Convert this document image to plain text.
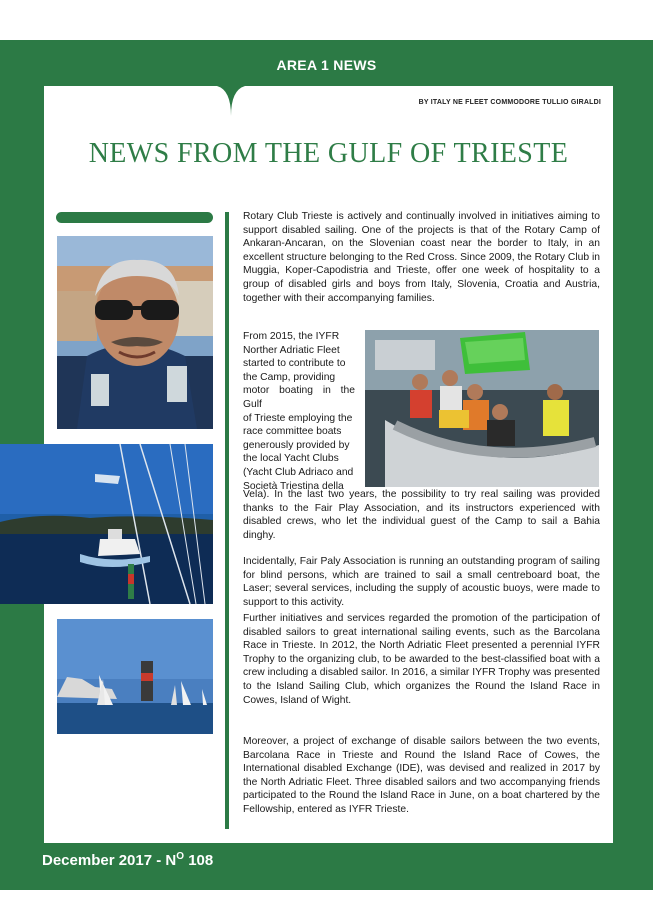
AREA 1 NEWS
BY ITALY NE FLEET COMMODORE TULLIO GIRALDI
NEWS FROM THE GULF OF TRIESTE

Rotary Club Trieste is actively and continually involved in initiatives aiming to support disabled sailing. One of the projects is that of the Rotary Camp of Ankaran-Ancaran, on the Slovenian coast near the border to Italy, in an excellent structure belonging to the Red Cross. Since 2009, the Rotary Club in Muggia, Koper-Capodistria and Trieste, offer one week of hospitality to a group of disabled girls and boys from Italy, Slovenia, Croatia and Austria, together with their accompanying families.

From 2015, the IYFR
Norther Adriatic Fleet
started to contribute to
the Camp, providing
motor boating in the Gulf
of Trieste employing the
race committee boats
generously provided by
the local Yacht Clubs
(Yacht Club Adriaco and
Società Triestina della

Vela). In the last two years, the possibility to try real sailing was provided thanks to the Fair Play Association, and its instructors experienced with disabled crews, who let the individual guest of the Camp to sail a Bahia dinghy.

Incidentally, Fair Paly Association is running an outstanding program of sailing for blind persons, which are trained to sail a small centreboard boat, the Laser; several services, including the supply of acoustic buoys, were made to support to this activity.

Further initiatives and services regarded the promotion of the participation of disabled sailors to great international sailing events, such as the Barcolana Race in Trieste. In 2012, the North Adriatic Fleet presented a perennial IYFR Trophy to the organizing club, to be awarded to the best-classified boat with a crew including a disabled sailor. In 2016, a similar IYFR Trophy was presented to the Island Sailing Club, which organizes the Round the Island Race in Cowes, Island of Wight.

Moreover, a project of exchange of disable sailors between the two events, Barcolana Race in Trieste and Round the Island Race of Cowes, the International disabled Exchange (IDE), was devised and realized in 2017 by the North Adriatic Fleet. Three disabled sailors and two accompanying friends participated to the Round the Island Race in June, on a boat chartered by the Fellowship, entered as IYFR Trieste.

December $2017 - N^O$ 108
